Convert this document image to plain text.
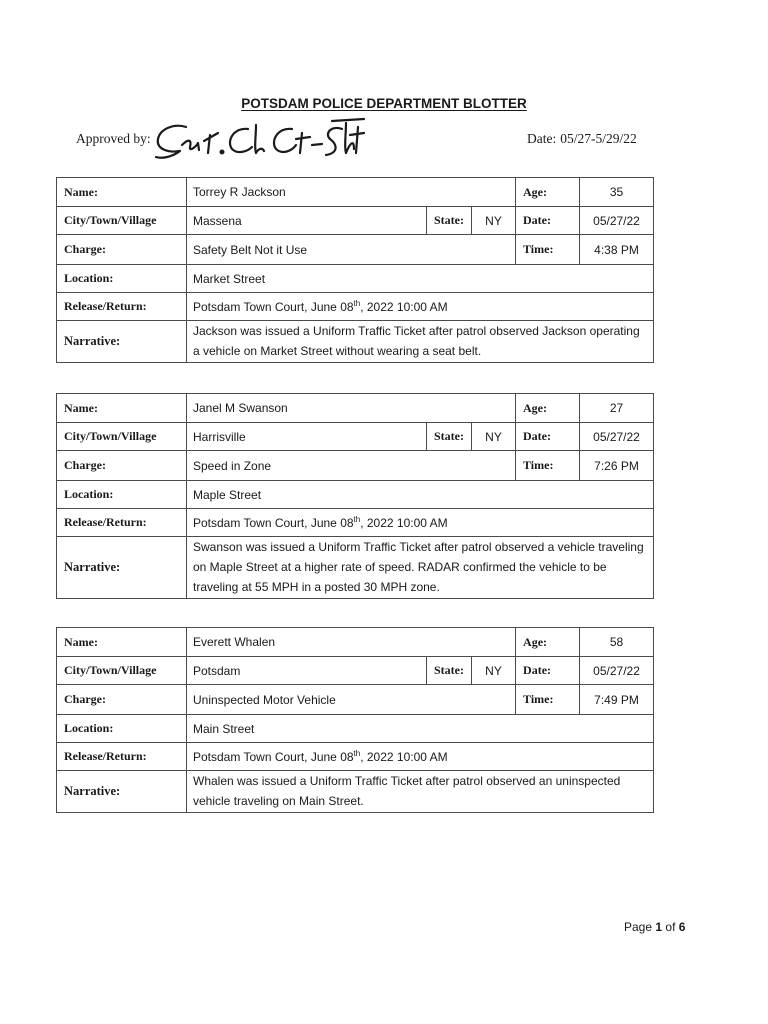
POTSDAM POLICE DEPARTMENT BLOTTER
Approved by:	Date: 05/27-5/29/22
Name:	Torrey R Jackson			Age:	35
City/Town/Village	Massena	State:	NY	Date:	05/27/22
Charge:	Safety Belt Not it Use			Time:	4:38 PM
Location:	Market Street				
Release/Return:	Potsdam Town Court, June 08th, 2022 10:00 AM				
Narrative:	Jackson was issued a Uniform Traffic Ticket after patrol observed Jackson operating a vehicle on Market Street without wearing a seat belt.				
Name:	Janel M Swanson			Age:	27
City/Town/Village	Harrisville	State:	NY	Date:	05/27/22
Charge:	Speed in Zone			Time:	7:26 PM
Location:	Maple Street				
Release/Return:	Potsdam Town Court, June 08th, 2022 10:00 AM				
Narrative:	Swanson was issued a Uniform Traffic Ticket after patrol observed a vehicle traveling on Maple Street at a higher rate of speed. RADAR confirmed the vehicle to be traveling at 55 MPH in a posted 30 MPH zone.				
Name:	Everett Whalen			Age:	58
City/Town/Village	Potsdam	State:	NY	Date:	05/27/22
Charge:	Uninspected Motor Vehicle			Time:	7:49 PM
Location:	Main Street				
Release/Return:	Potsdam Town Court, June 08th, 2022 10:00 AM				
Narrative:	Whalen was issued a Uniform Traffic Ticket after patrol observed an uninspected vehicle traveling on Main Street.				
Page 1 of 6
